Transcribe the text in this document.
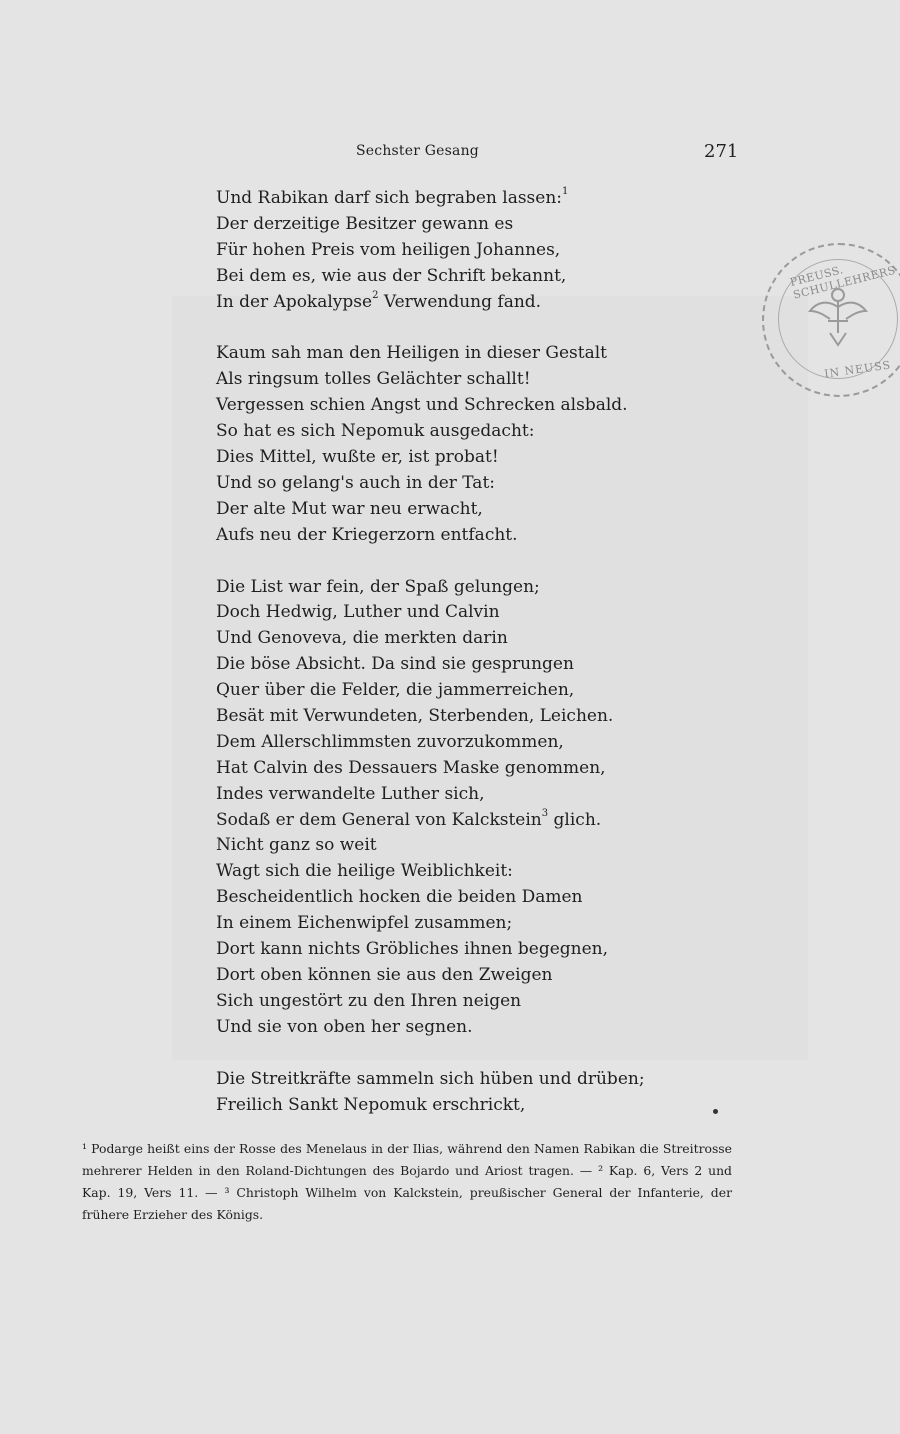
Sechster Gesang	271
Und Rabikan darf sich begraben lassen:$^1$
Der derzeitige Besitzer gewann es
Für hohen Preis vom heiligen Johannes,
Bei dem es, wie aus der Schrift bekannt,
In der Apokalypse$^2$ Verwendung fand.
Kaum sah man den Heiligen in dieser Gestalt
Als ringsum tolles Gelächter schallt!
Vergessen schien Angst und Schrecken alsbald.
So hat es sich Nepomuk ausgedacht:
Dies Mittel, wußte er, ist probat!
Und so gelang's auch in der Tat:
Der alte Mut war neu erwacht,
Aufs neu der Kriegerzorn entfacht.
Die List war fein, der Spaß gelungen;
Doch Hedwig, Luther und Calvin
Und Genoveva, die merkten darin
Die böse Absicht. Da sind sie gesprungen
Quer über die Felder, die jammerreichen,
Besät mit Verwundeten, Sterbenden, Leichen.
Dem Allerschlimmsten zuvorzukommen,
Hat Calvin des Dessauers Maske genommen,
Indes verwandelte Luther sich,
Sodaß er dem General von Kalckstein$^3$ glich.
Nicht ganz so weit
Wagt sich die heilige Weiblichkeit:
Bescheidentlich hocken die beiden Damen
In einem Eichenwipfel zusammen;
Dort kann nichts Gröbliches ihnen begegnen,
Dort oben können sie aus den Zweigen
Sich ungestört zu den Ihren neigen
Und sie von oben her segnen.
Die Streitkräfte sammeln sich hüben und drüben;
Freilich Sankt Nepomuk erschrickt,
¹ Podarge heißt eins der Rosse des Menelaus in der Ilias, während den Namen Rabikan die Streitrosse mehrerer Helden in den Roland-Dichtungen des Bojardo und Ariost tragen. — ² Kap. 6, Vers 2 und Kap. 19, Vers 11. — ³ Christoph Wilhelm von Kalckstein, preußischer General der Infanterie, der frühere Erzieher des Königs.
PREUSS. SCHULLEHRERS
IN NEUSS
